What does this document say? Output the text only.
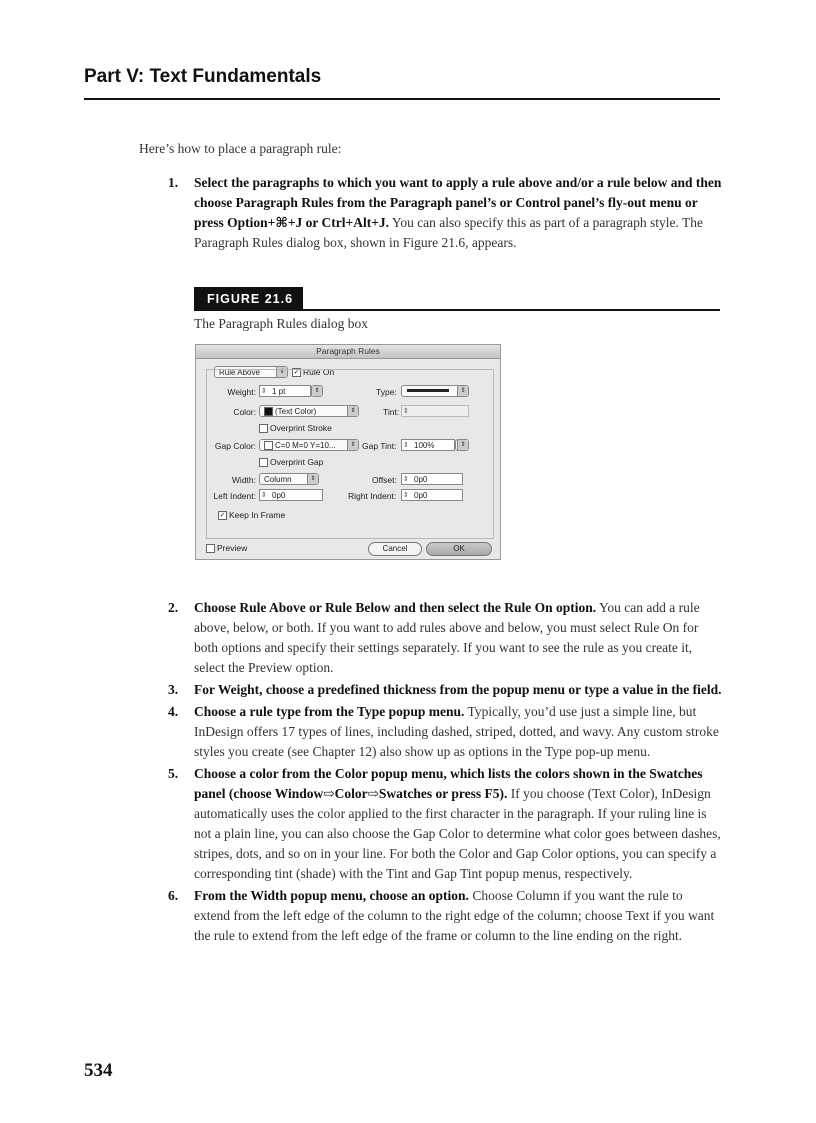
Part V: Text Fundamentals
Here’s how to place a paragraph rule:
1. Select the paragraphs to which you want to apply a rule above and/or a rule below and then choose Paragraph Rules from the Paragraph panel’s or Control panel’s fly-out menu or press Option+⌘+J or Ctrl+Alt+J. You can also specify this as part of a paragraph style. The Paragraph Rules dialog box, shown in Figure 21.6, appears.
FIGURE 21.6
The Paragraph Rules dialog box
Paragraph Rules
Rule Above	⇕	✓ Rule On
Weight: ⇕ 1 pt	⇕	Type:	⇕
Color:	(Text Color)	⇕	Tint: ⇕
Overprint Stroke
Gap Color:	C=0 M=0 Y=10...	⇕ Gap Tint: ⇕ 100%	⇕
Overprint Gap
Width:	Column	⇕	Offset: ⇕ 0p0
Left Indent: ⇕ 0p0	Right Indent: ⇕ 0p0
✓ Keep In Frame
Preview	Cancel	OK
2. Choose Rule Above or Rule Below and then select the Rule On option. You can add a rule above, below, or both. If you want to add rules above and below, you must select Rule On for both options and specify their settings separately. If you want to see the rule as you create it, select the Preview option.
3. For Weight, choose a predefined thickness from the popup menu or type a value in the field.
4. Choose a rule type from the Type popup menu. Typically, you’d use just a simple line, but InDesign offers 17 types of lines, including dashed, striped, dotted, and wavy. Any custom stroke styles you create (see Chapter 12) also show up as options in the Type pop-up menu.
5. Choose a color from the Color popup menu, which lists the colors shown in the Swatches panel (choose Window⇨Color⇨Swatches or press F5). If you choose (Text Color), InDesign automatically uses the color applied to the first character in the paragraph. If your ruling line is not a plain line, you can also choose the Gap Color to determine what color goes between dashes, stripes, dots, and so on in your line. For both the Color and Gap Color options, you can specify a corresponding tint (shade) with the Tint and Gap Tint popup menus, respectively.
6. From the Width popup menu, choose an option. Choose Column if you want the rule to extend from the left edge of the column to the right edge of the column; choose Text if you want the rule to extend from the left edge of the frame or column to the line ending on the right.
534
